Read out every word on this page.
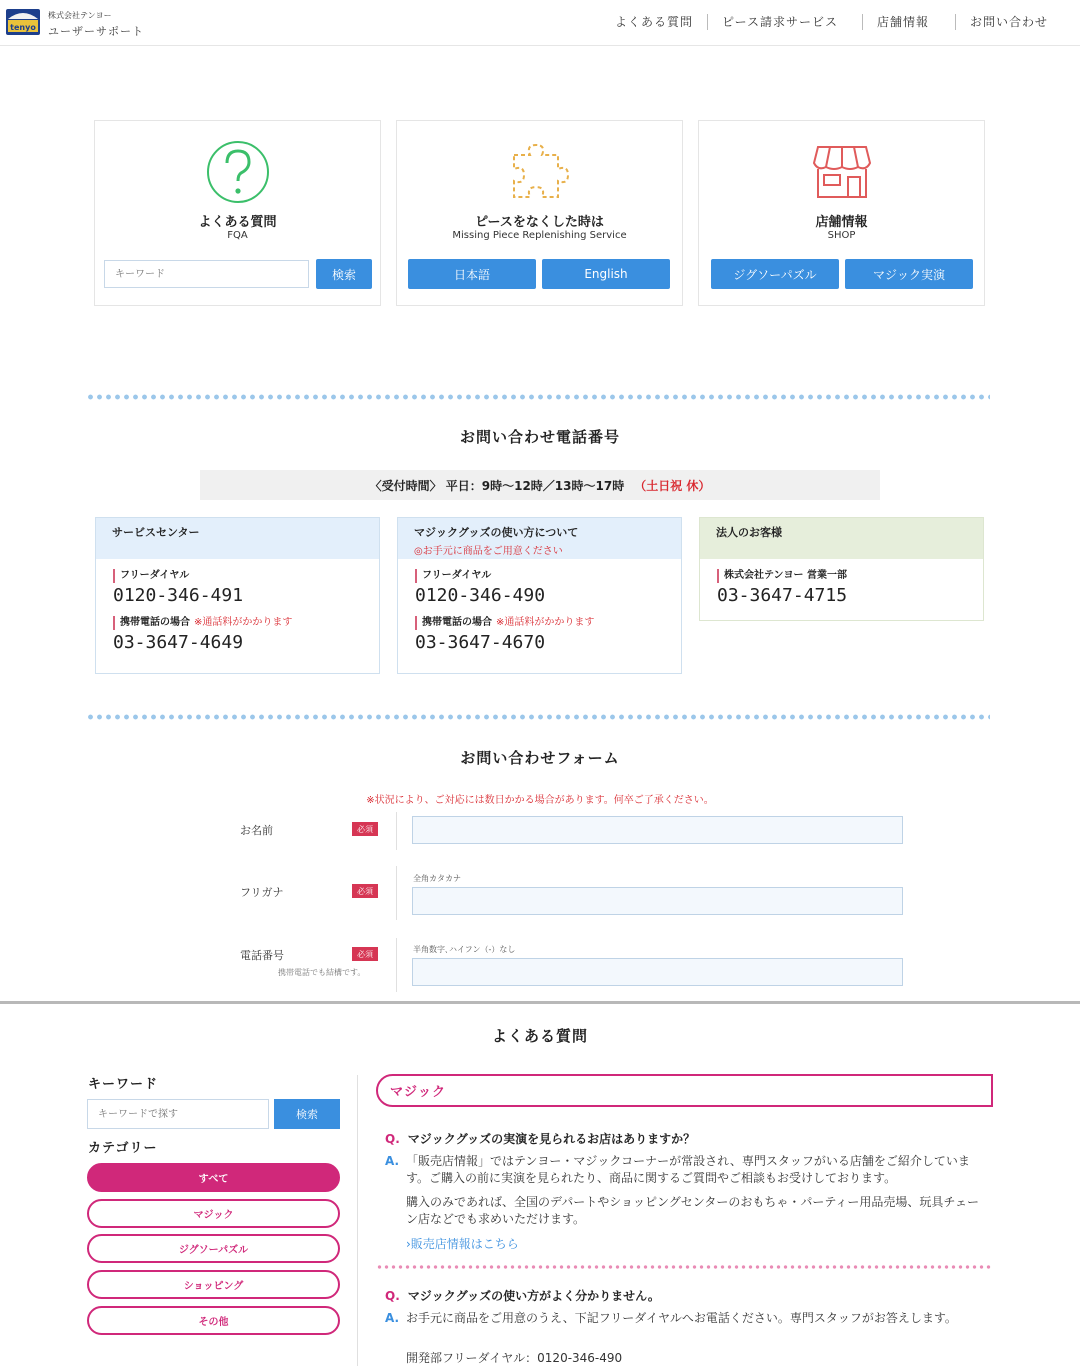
tenyo
株式会社テンヨー
ユーザーサポート
よくある質問	ピース請求サービス	店舗情報	お問い合わせ
よくある質問
FQA
キーワード
検索
ピースをなくした時は
Missing Piece Replenishing Service
日本語	English
店舗情報
SHOP
ジグソーパズル	マジック実演
お問い合わせ電話番号
〈受付時間〉 平日：9時～12時／13時～17時 （土日祝 休）
サービスセンター
フリーダイヤル
0120-346-491
携帯電話の場合 ※通話料がかかります
03-3647-4649
マジックグッズの使い方について
◎お手元に商品をご用意ください
フリーダイヤル
0120-346-490
携帯電話の場合 ※通話料がかかります
03-3647-4670
法人のお客様
株式会社テンヨー 営業一部
03-3647-4715
お問い合わせフォーム
※状況により、ご対応には数日かかる場合があります。何卒ご了承ください。
お名前	必須
フリガナ	必須
全角カタカナ
電話番号	必須
携帯電話でも結構です。
半角数字､ハイフン（-）なし
よくある質問
キーワード
キーワードで探す
検索
カテゴリー
すべて
マジック
ジグソーパズル
ショッピング
その他
マジック
Q. マジックグッズの実演を見られるお店はありますか？
A. 「販売店情報」ではテンヨー・マジックコーナーが常設され、専門スタッフがいる店舗をご紹介しています。ご購入の前に実演を見られたり、商品に関するご質問やご相談もお受けしております。
購入のみであれば、全国のデパートやショッピングセンターのおもちゃ・パーティー用品売場、玩具チェーン店などでも求めいただけます。
›販売店情報はこちら
Q. マジックグッズの使い方がよく分かりません。
A. お手元に商品をご用意のうえ、下記フリーダイヤルへお電話ください。専門スタッフがお答えします。
開発部フリーダイヤル：0120-346-490
